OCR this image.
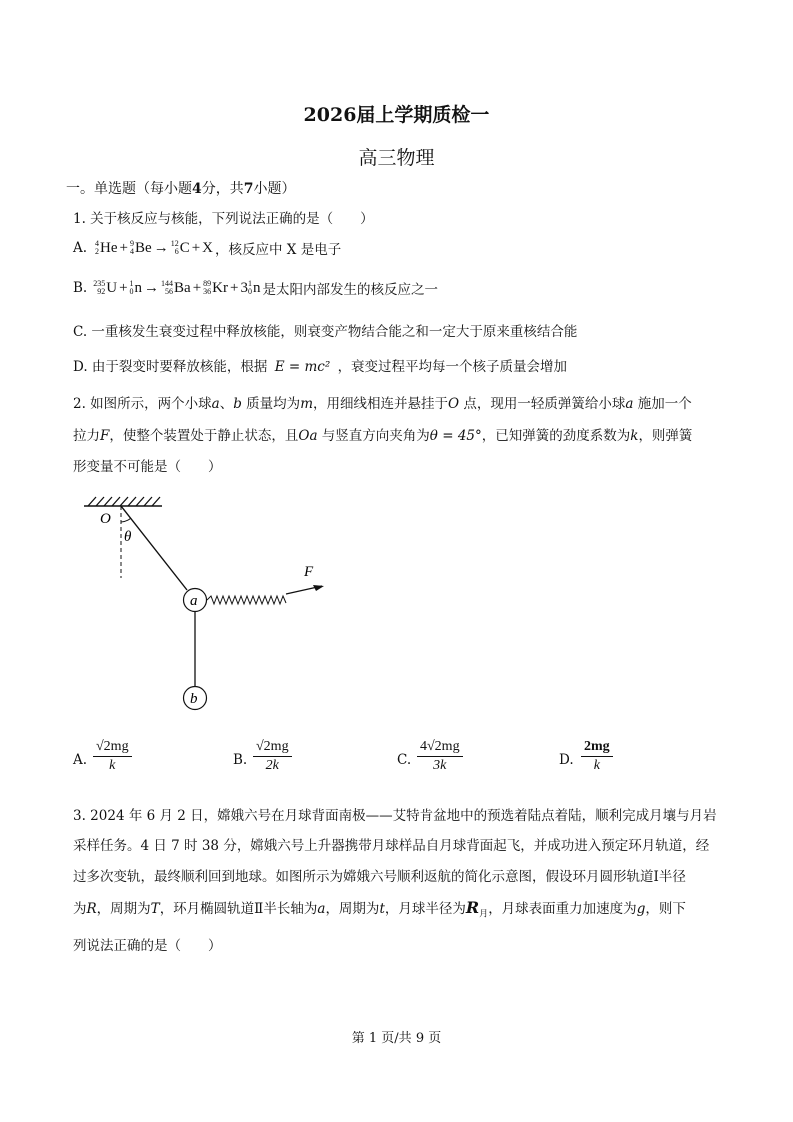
2026届上学期质检一
高三物理
一。单选题（每小题4分，共7小题）
1. 关于核反应与核能，下列说法正确的是（　　）
A. 4
2 He + 9
4 Be → 12
6 C + X ，核反应中 X 是电子
B. 235
92 U + 1
0 n → 144
56 Ba + 89
36 Kr + 3 1
0 n 是太阳内部发生的核反应之一
C. 一重核发生衰变过程中释放核能，则衰变产物结合能之和一定大于原来重核结合能
D. 由于裂变时要释放核能，根据 E = mc² ，衰变过程平均每一个核子质量会增加
2. 如图所示，两个小球a、b 质量均为m，用细线相连并悬挂于O 点，现用一轻质弹簧给小球a 施加一个
拉力F，使整个装置处于静止状态，且Oa 与竖直方向夹角为θ = 45°，已知弹簧的劲度系数为k，则弹簧
形变量不可能是（　　）
O
θ
F
a
b
A. $\frac{√2mg}{k}$	B. $\frac{√2mg}{2k}$	C. $\frac{4√2mg}{3k}$	D. $\frac{2mg}{k}$
3. 2024 年 6 月 2 日，嫦娥六号在月球背面南极——艾特肯盆地中的预选着陆点着陆，顺利完成月壤与月岩
采样任务。4 日 7 时 38 分，嫦娥六号上升器携带月球样品自月球背面起飞，并成功进入预定环月轨道，经
过多次变轨，最终顺利回到地球。如图所示为嫦娥六号顺利返航的简化示意图，假设环月圆形轨道Ⅰ半径
为R，周期为T，环月椭圆轨道Ⅱ半长轴为a，周期为t，月球半径为$R_月$，月球表面重力加速度为g，则下
列说法正确的是（　　）
第 1 页/共 9 页
